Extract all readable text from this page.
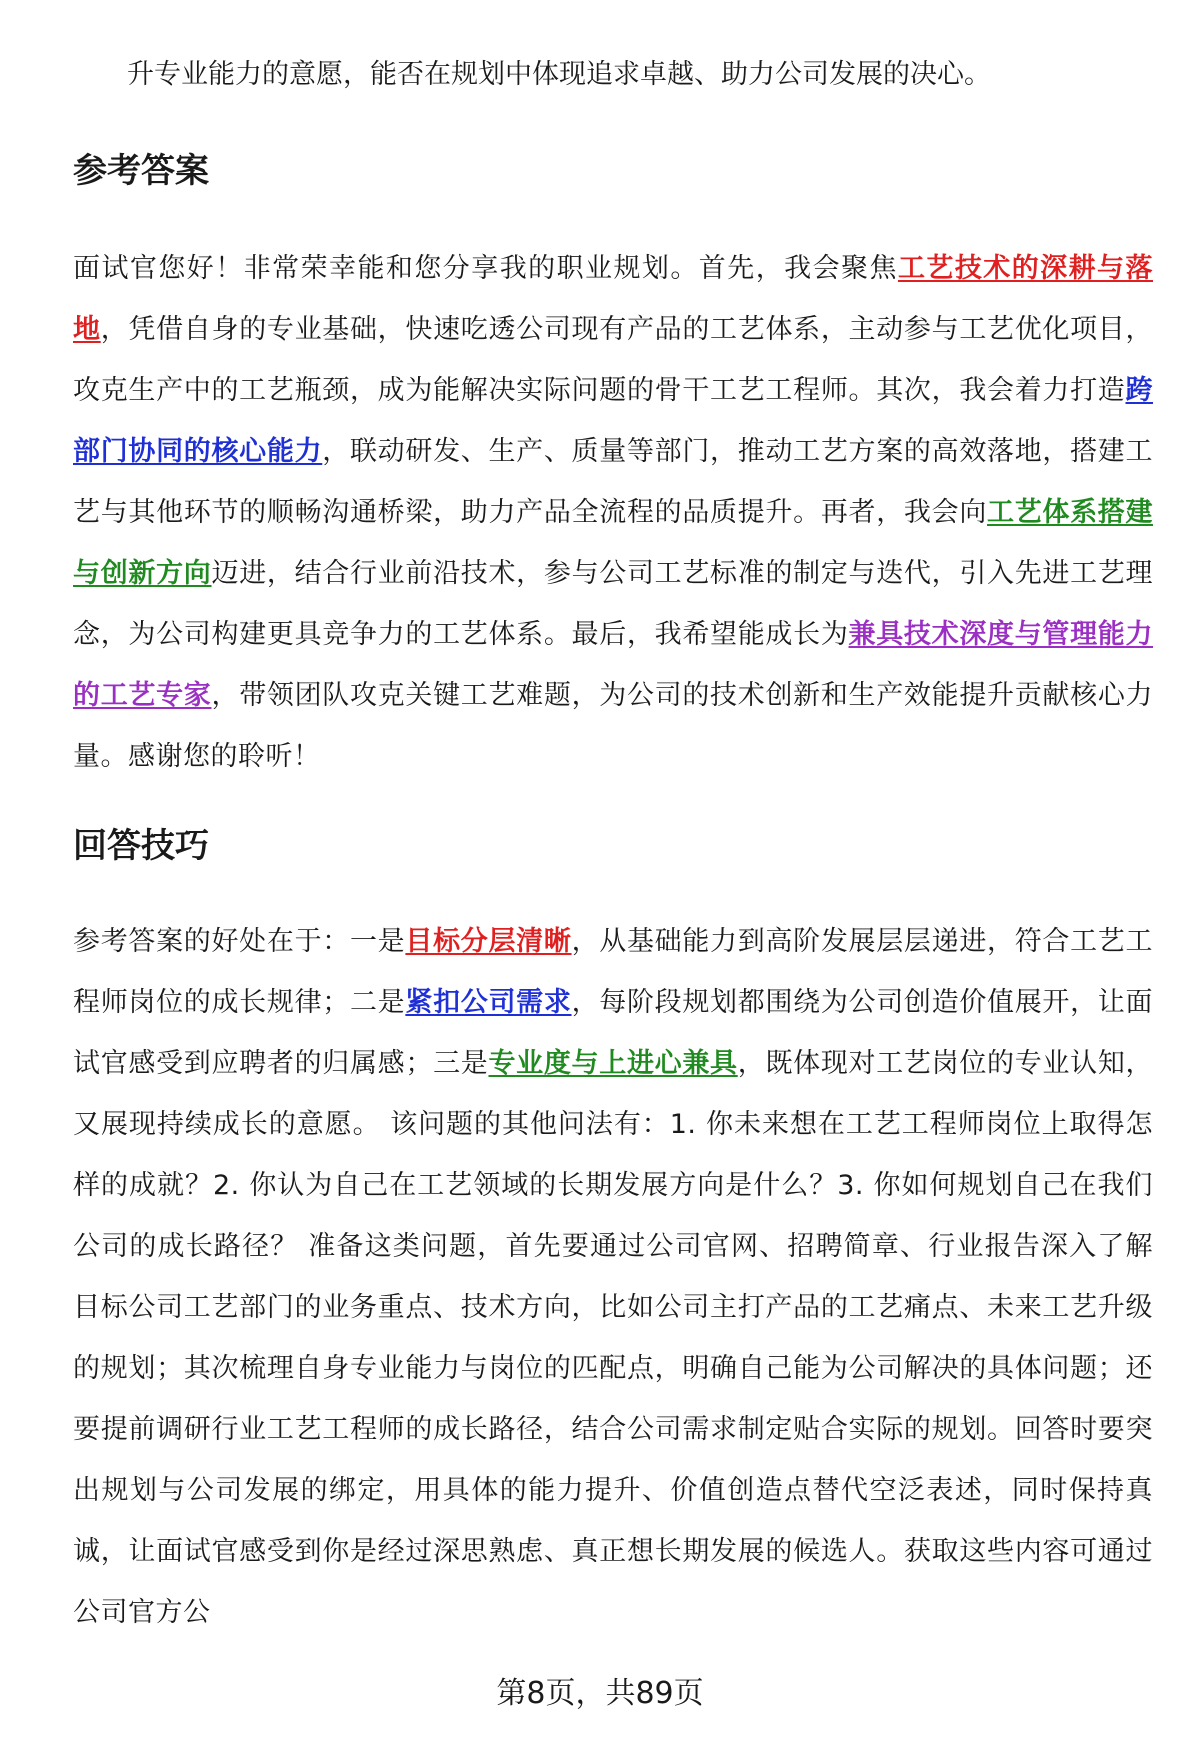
升专业能力的意愿，能否在规划中体现追求卓越、助力公司发展的决心。

参考答案

面试官您好！非常荣幸能和您分享我的职业规划。首先，我会聚焦工艺技术的深耕与落地，凭借自身的专业基础，快速吃透公司现有产品的工艺体系，主动参与工艺优化项目，攻克生产中的工艺瓶颈，成为能解决实际问题的骨干工艺工程师。其次，我会着力打造跨部门协同的核心能力，联动研发、生产、质量等部门，推动工艺方案的高效落地，搭建工艺与其他环节的顺畅沟通桥梁，助力产品全流程的品质提升。再者，我会向工艺体系搭建与创新方向迈进，结合行业前沿技术，参与公司工艺标准的制定与迭代，引入先进工艺理念，为公司构建更具竞争力的工艺体系。最后，我希望能成长为兼具技术深度与管理能力的工艺专家，带领团队攻克关键工艺难题，为公司的技术创新和生产效能提升贡献核心力量。感谢您的聆听！

回答技巧

参考答案的好处在于：一是目标分层清晰，从基础能力到高阶发展层层递进，符合工艺工程师岗位的成长规律；二是紧扣公司需求，每阶段规划都围绕为公司创造价值展开，让面试官感受到应聘者的归属感；三是专业度与上进心兼具，既体现对工艺岗位的专业认知，又展现持续成长的意愿。 该问题的其他问法有：1. 你未来想在工艺工程师岗位上取得怎样的成就？2. 你认为自己在工艺领域的长期发展方向是什么？3. 你如何规划自己在我们公司的成长路径？ 准备这类问题，首先要通过公司官网、招聘简章、行业报告深入了解目标公司工艺部门的业务重点、技术方向，比如公司主打产品的工艺痛点、未来工艺升级的规划；其次梳理自身专业能力与岗位的匹配点，明确自己能为公司解决的具体问题；还要提前调研行业工艺工程师的成长路径，结合公司需求制定贴合实际的规划。回答时要突出规划与公司发展的绑定，用具体的能力提升、价值创造点替代空泛表述，同时保持真诚，让面试官感受到你是经过深思熟虑、真正想长期发展的候选人。获取这些内容可通过公司官方公

第8页，共89页
